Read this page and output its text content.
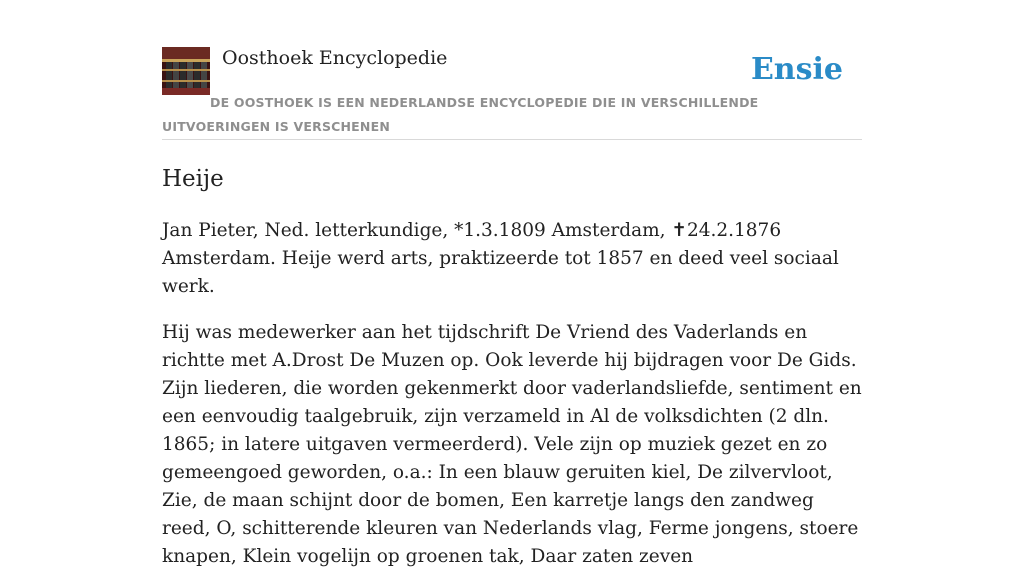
Oosthoek Encyclopedie	Ensie
DE OOSTHOEK IS EEN NEDERLANDSE ENCYCLOPEDIE DIE IN VERSCHILLENDE UITVOERINGEN IS VERSCHENEN
Heije

Jan Pieter, Ned. letterkundige, *1.3.1809 Amsterdam, ✝24.2.1876 Amsterdam. Heije werd arts, praktizeerde tot 1857 en deed veel sociaal werk.

Hij was medewerker aan het tijdschrift De Vriend des Vaderlands en richtte met A.Drost De Muzen op. Ook leverde hij bijdragen voor De Gids. Zijn liederen, die worden gekenmerkt door vaderlandsliefde, sentiment en een eenvoudig taalgebruik, zijn verzameld in Al de volksdichten (2 dln. 1865; in latere uitgaven vermeerderd). Vele zijn op muziek gezet en zo gemeengoed geworden, o.a.: In een blauw geruiten kiel, De zilvervloot, Zie, de maan schijnt door de bomen, Een karretje langs den zandweg reed, O, schitterende kleuren van Nederlands vlag, Ferme jongens, stoere knapen, Klein vogelijn op groenen tak, Daar zaten zeven
